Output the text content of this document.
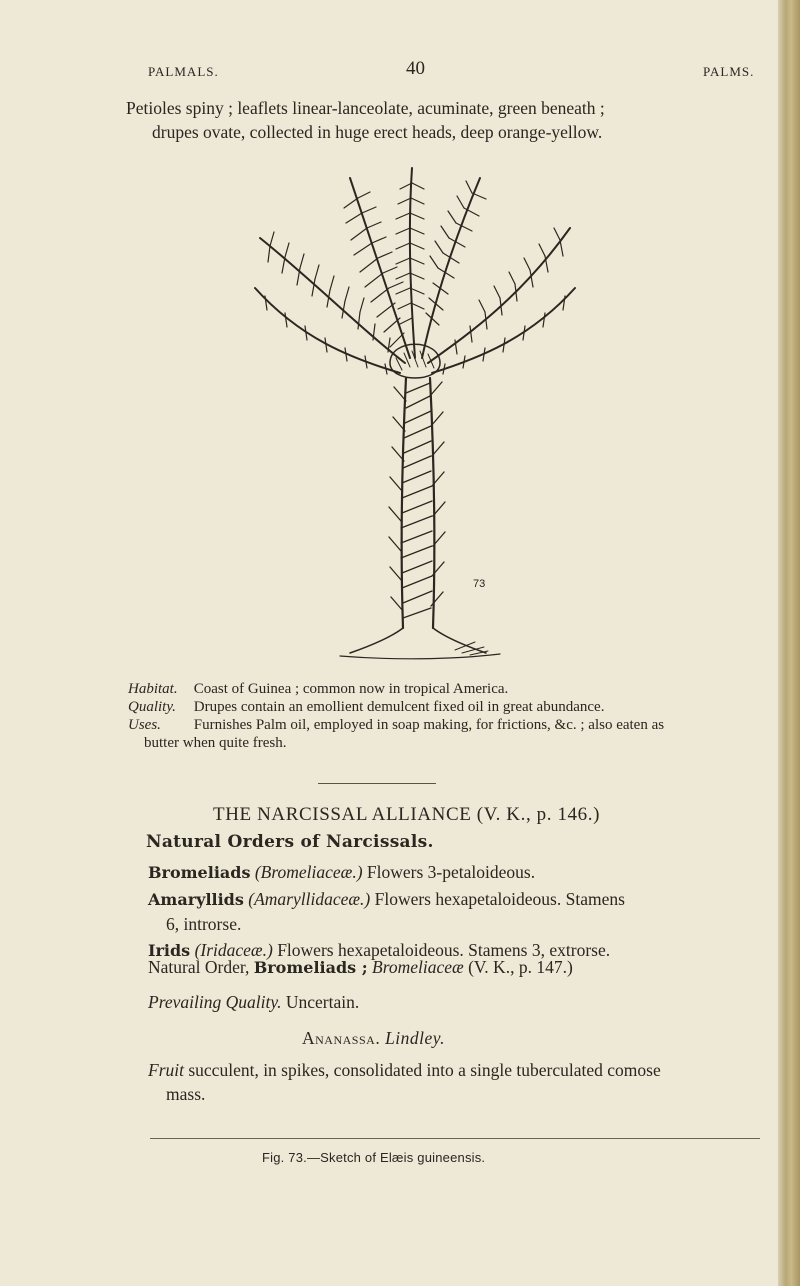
PALMALS.	40	PALMS.
Petioles spiny ; leaflets linear-lanceolate, acuminate, green beneath ;
drupes ovate, collected in huge erect heads, deep orange-yellow.
73
Habitat. Coast of Guinea ; common now in tropical America.
Quality. Drupes contain an emollient demulcent fixed oil in great abundance.
Uses. Furnishes Palm oil, employed in soap making, for frictions, &c. ; also eaten as
butter when quite fresh.
THE NARCISSAL ALLIANCE (V. K., p. 146.)
Natural Orders of Narcissals.
Bromeliads (Bromeliaceæ.) Flowers 3-petaloideous.
Amaryllids (Amaryllidaceæ.) Flowers hexapetaloideous. Stamens
6, introrse.
Irids (Iridaceæ.) Flowers hexapetaloideous. Stamens 3, extrorse.
Natural Order, Bromeliads ; Bromeliaceæ (V. K., p. 147.)
Prevailing Quality. Uncertain.
Ananassa. Lindley.
Fruit succulent, in spikes, consolidated into a single tuberculated comose
mass.
Fig. 73.—Sketch of Elæis guineensis.
